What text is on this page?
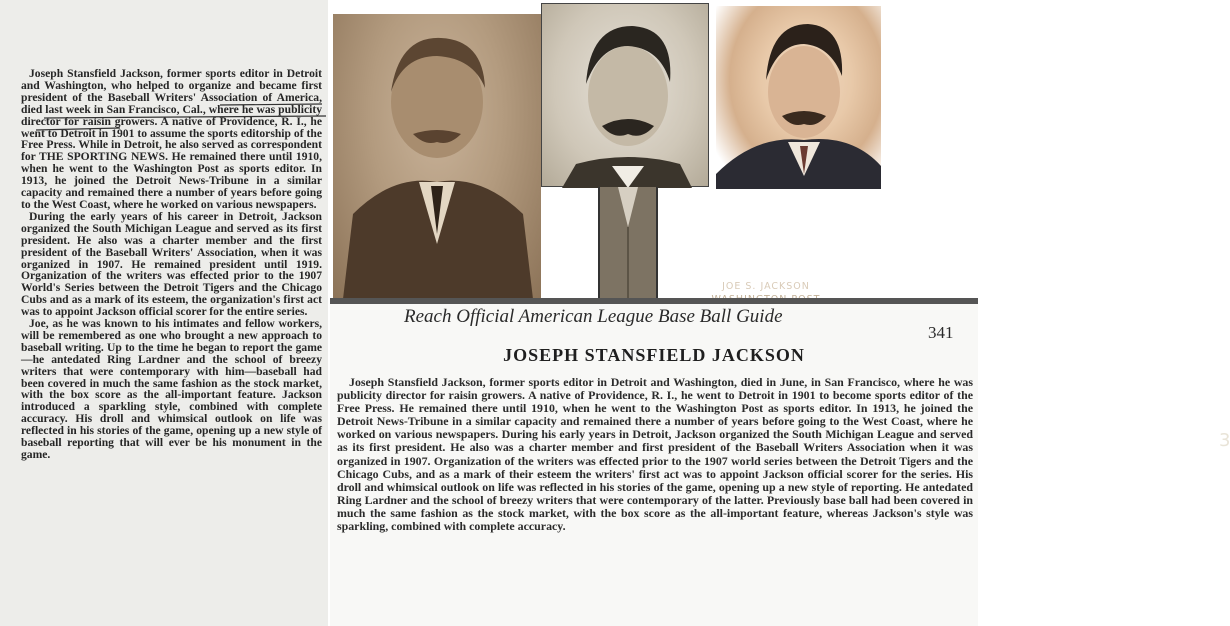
Joseph Stansfield Jackson, former sports editor in Detroit and Washington, who helped to organize and became first president of the Baseball Writers' Association of America, died last week in San Francisco, Cal., where he was publicity director for raisin growers. A native of Providence, R. I., he went to Detroit in 1901 to assume the sports editorship of the Free Press. While in Detroit, he also served as correspondent for THE SPORTING NEWS. He remained there until 1910, when he went to the Washington Post as sports editor. In 1913, he joined the Detroit News-Tribune in a similar capacity and remained there a number of years before going to the West Coast, where he worked on various newspapers.

During the early years of his career in Detroit, Jackson organized the South Michigan League and served as its first president. He also was a charter member and the first president of the Baseball Writers' Association, when it was organized in 1907. He remained president until 1919. Organization of the writers was effected prior to the 1907 World's Series between the Detroit Tigers and the Chicago Cubs and as a mark of its esteem, the organization's first act was to appoint Jackson official scorer for the entire series.

Joe, as he was known to his intimates and fellow workers, will be remembered as one who brought a new approach to baseball writing. Up to the time he began to report the game—he antedated Ring Lardner and the school of breezy writers that were contemporary with him—baseball had been covered in much the same fashion as the stock market, with the box score as the all-important feature. Jackson introduced a sparkling style, combined with complete accuracy. His droll and whimsical outlook on life was reflected in his stories of the game, opening up a new style of baseball reporting that will ever be his monument in the game.

JOE S. JACKSON
3
Reach Official American League Base Ball Guide
341
JOSEPH STANSFIELD JACKSON

Joseph Stansfield Jackson, former sports editor in Detroit and Washington, died in June, in San Francisco, where he was publicity director for raisin growers. A native of Providence, R. I., he went to Detroit in 1901 to become sports editor of the Free Press. He remained there until 1910, when he went to the Washington Post as sports editor. In 1913, he joined the Detroit News-Tribune in a similar capacity and remained there a number of years before going to the West Coast, where he worked on various newspapers. During his early years in Detroit, Jackson organized the South Michigan League and served as its first president. He also was a charter member and first president of the Baseball Writers Association when it was organized in 1907. Organization of the writers was effected prior to the 1907 world series between the Detroit Tigers and the Chicago Cubs, and as a mark of their esteem the writers' first act was to appoint Jackson official scorer for the series. His droll and whimsical outlook on life was reflected in his stories of the game, opening up a new style of reporting. He antedated Ring Lardner and the school of breezy writers that were contemporary of the latter. Previously base ball had been covered in much the same fashion as the stock market, with the box score as the all-important feature, whereas Jackson's style was sparkling, combined with complete accuracy.
